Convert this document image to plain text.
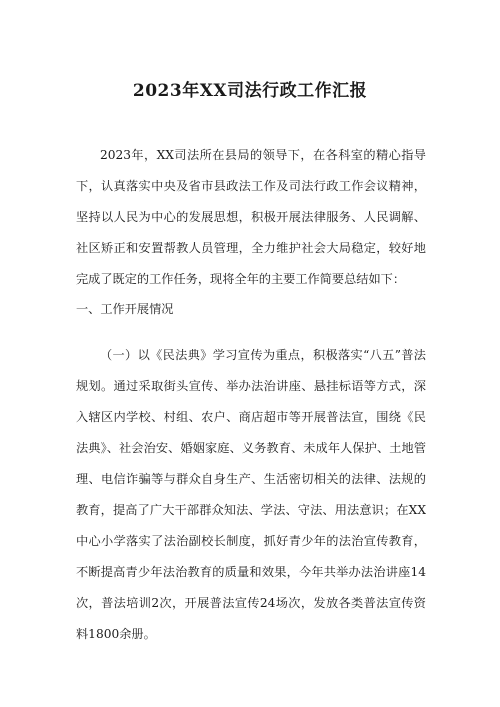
2023年XX司法行政工作汇报

2023年，XX司法所在县局的领导下，在各科室的精心指导下，认真落实中央及省市县政法工作及司法行政工作会议精神，坚持以人民为中心的发展思想，积极开展法律服务、人民调解、社区矫正和安置帮教人员管理，全力维护社会大局稳定，较好地完成了既定的工作任务，现将全年的主要工作简要总结如下：

一、工作开展情况

（一）以《民法典》学习宣传为重点，积极落实“八五”普法规划。通过采取街头宣传、举办法治讲座、悬挂标语等方式，深入辖区内学校、村组、农户、商店超市等开展普法宣，围绕《民法典》、社会治安、婚姻家庭、义务教育、未成年人保护、土地管理、电信诈骗等与群众自身生产、生活密切相关的法律、法规的教育，提高了广大干部群众知法、学法、守法、用法意识；在XX中心小学落实了法治副校长制度，抓好青少年的法治宣传教育，不断提高青少年法治教育的质量和效果，今年共举办法治讲座14次，普法培训2次，开展普法宣传24场次，发放各类普法宣传资料1800余册。
